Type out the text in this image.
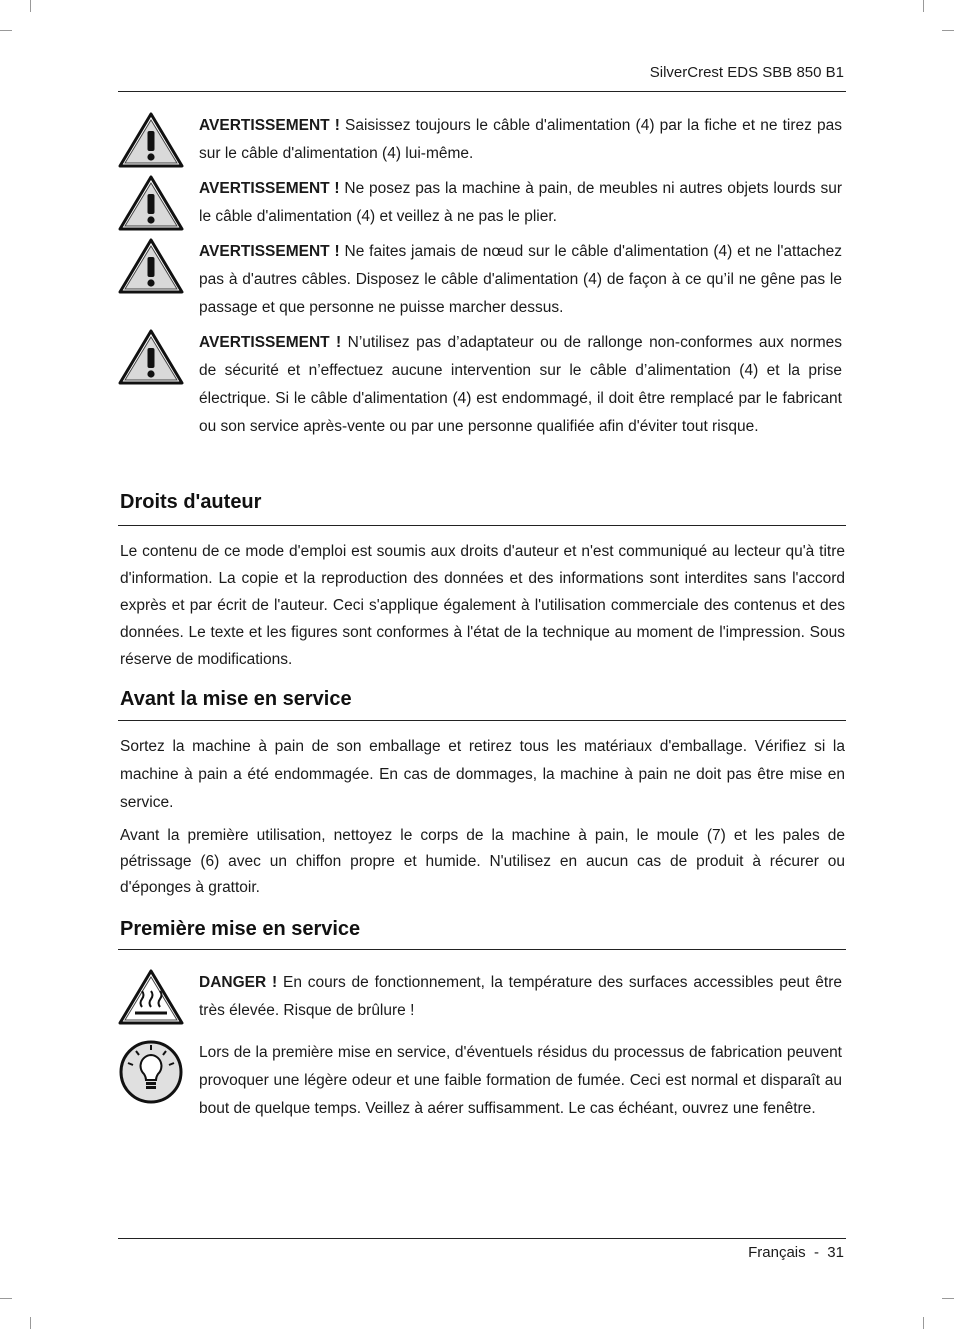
SilverCrest EDS SBB 850 B1
AVERTISSEMENT ! Saisissez toujours le câble d'alimentation (4) par la fiche et ne tirez pas sur le câble d'alimentation (4) lui-même.
AVERTISSEMENT ! Ne posez pas la machine à pain, de meubles ni autres objets lourds sur le câble d'alimentation (4) et veillez à ne pas le plier.
AVERTISSEMENT ! Ne faites jamais de nœud sur le câble d'alimentation (4) et ne l'attachez pas à d'autres câbles. Disposez le câble d'alimentation (4) de façon à ce qu’il ne gêne pas le passage et que personne ne puisse marcher dessus.
AVERTISSEMENT ! N’utilisez pas d’adaptateur ou de rallonge non-conformes aux normes de sécurité et n’effectuez aucune intervention sur le câble d’alimentation (4) et la prise électrique. Si le câble d'alimentation (4) est endommagé, il doit être remplacé par le fabricant ou son service après-vente ou par une personne qualifiée afin d'éviter tout risque.
Droits d'auteur

Le contenu de ce mode d'emploi est soumis aux droits d'auteur et n'est communiqué au lecteur qu'à titre d'information. La copie et la reproduction des données et des informations sont interdites sans l'accord exprès et par écrit de l'auteur. Ceci s'applique également à l'utilisation commerciale des contenus et des données. Le texte et les figures sont conformes à l'état de la technique au moment de l'impression. Sous réserve de modifications.

Avant la mise en service

Sortez la machine à pain de son emballage et retirez tous les matériaux d'emballage. Vérifiez si la machine à pain a été endommagée. En cas de dommages, la machine à pain ne doit pas être mise en service.

Avant la première utilisation, nettoyez le corps de la machine à pain, le moule (7) et les pales de pétrissage (6) avec un chiffon propre et humide. N'utilisez en aucun cas de produit à récurer ou d'éponges à grattoir.

Première mise en service
DANGER ! En cours de fonctionnement, la température des surfaces accessibles peut être très élevée. Risque de brûlure !
Lors de la première mise en service, d'éventuels résidus du processus de fabrication peuvent provoquer une légère odeur et une faible formation de fumée. Ceci est normal et disparaît au bout de quelque temps. Veillez à aérer suffisamment. Le cas échéant, ouvrez une fenêtre.
Français  -  31
